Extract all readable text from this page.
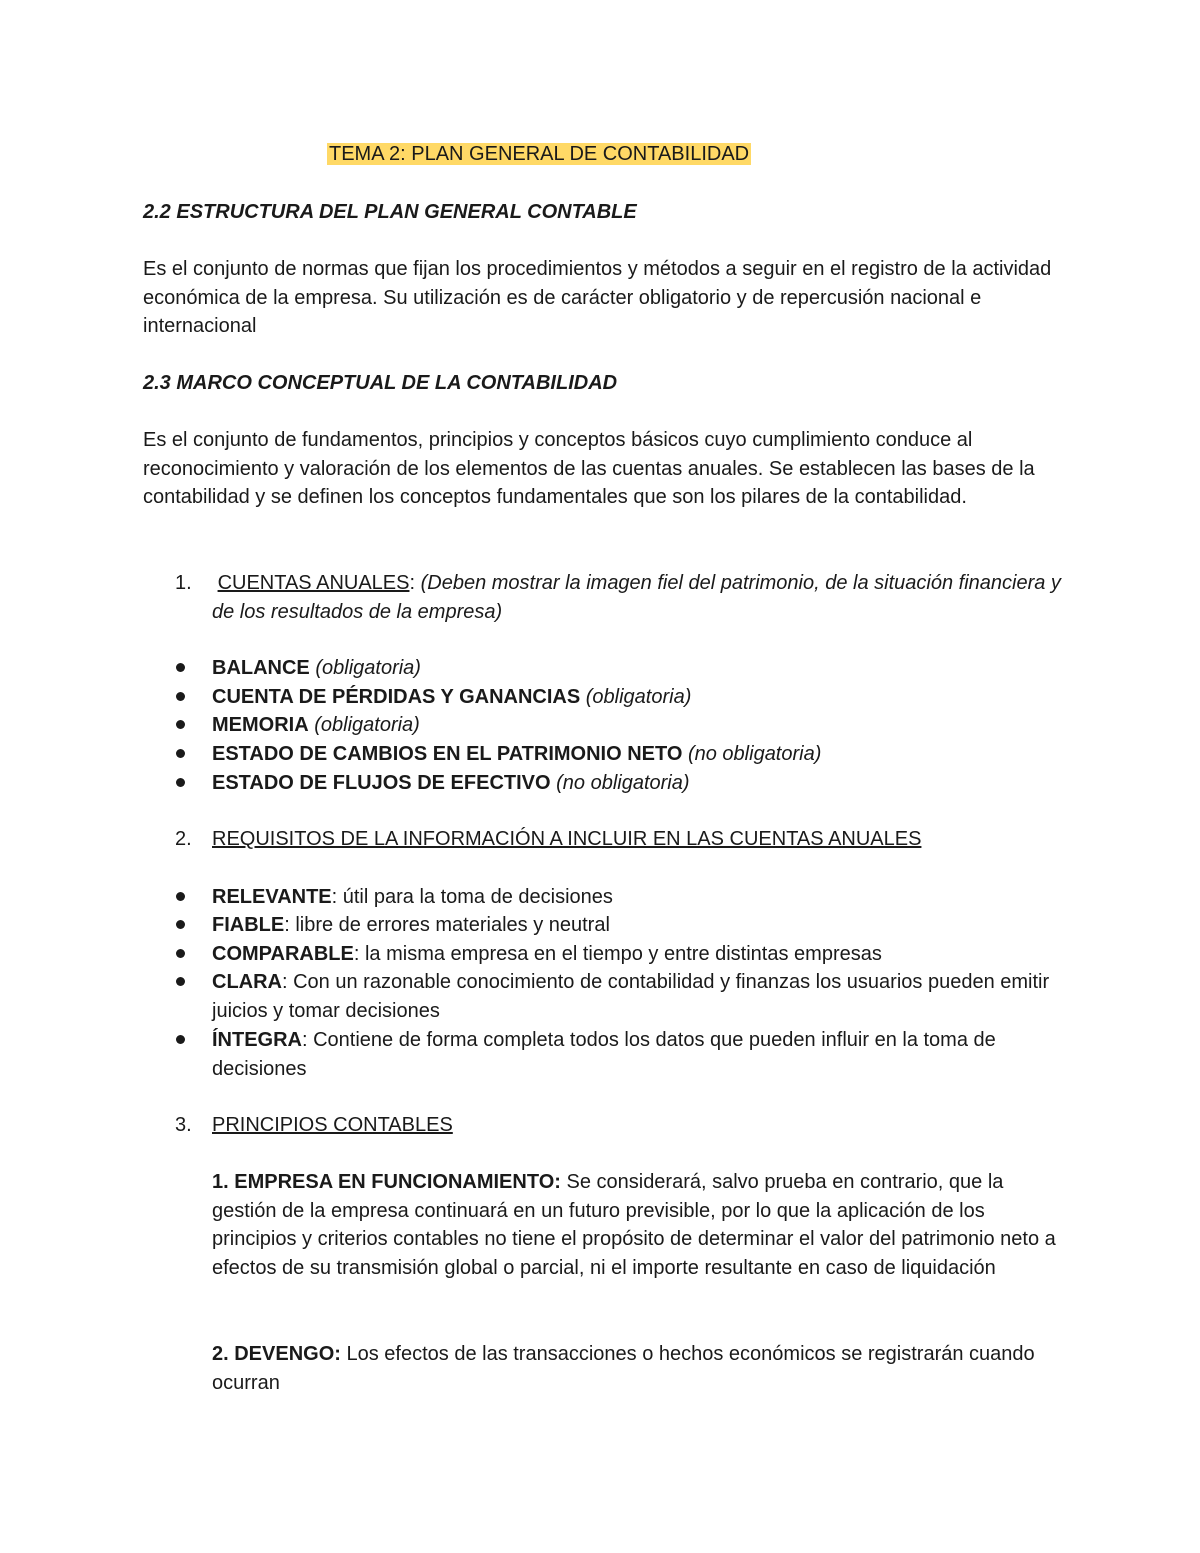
TEMA 2: PLAN GENERAL DE CONTABILIDAD
2.2 ESTRUCTURA DEL PLAN GENERAL CONTABLE
Es el conjunto de normas que fijan los procedimientos y métodos a seguir en el registro de la actividad económica de la empresa. Su utilización es de carácter obligatorio y de repercusión nacional e internacional
2.3 MARCO CONCEPTUAL DE LA CONTABILIDAD
Es el conjunto de fundamentos, principios y conceptos básicos cuyo cumplimiento conduce al reconocimiento y valoración de los elementos de las cuentas anuales. Se establecen las bases de la contabilidad y se definen los conceptos fundamentales que son los pilares de la contabilidad.
1. CUENTAS ANUALES: (Deben mostrar la imagen fiel del patrimonio, de la situación financiera y de los resultados de la empresa)
BALANCE (obligatoria)
CUENTA DE PÉRDIDAS Y GANANCIAS (obligatoria)
MEMORIA (obligatoria)
ESTADO DE CAMBIOS EN EL PATRIMONIO NETO (no obligatoria)
ESTADO DE FLUJOS DE EFECTIVO (no obligatoria)
2. REQUISITOS DE LA INFORMACIÓN A INCLUIR EN LAS CUENTAS ANUALES
RELEVANTE: útil para la toma de decisiones
FIABLE: libre de errores materiales y neutral
COMPARABLE: la misma empresa en el tiempo y entre distintas empresas
CLARA: Con un razonable conocimiento de contabilidad y finanzas los usuarios pueden emitir juicios y tomar decisiones
ÍNTEGRA: Contiene de forma completa todos los datos que pueden influir en la toma de decisiones
3. PRINCIPIOS CONTABLES
1. EMPRESA EN FUNCIONAMIENTO: Se considerará, salvo prueba en contrario, que la gestión de la empresa continuará en un futuro previsible, por lo que la aplicación de los principios y criterios contables no tiene el propósito de determinar el valor del patrimonio neto a efectos de su transmisión global o parcial, ni el importe resultante en caso de liquidación
2. DEVENGO: Los efectos de las transacciones o hechos económicos se registrarán cuando ocurran
